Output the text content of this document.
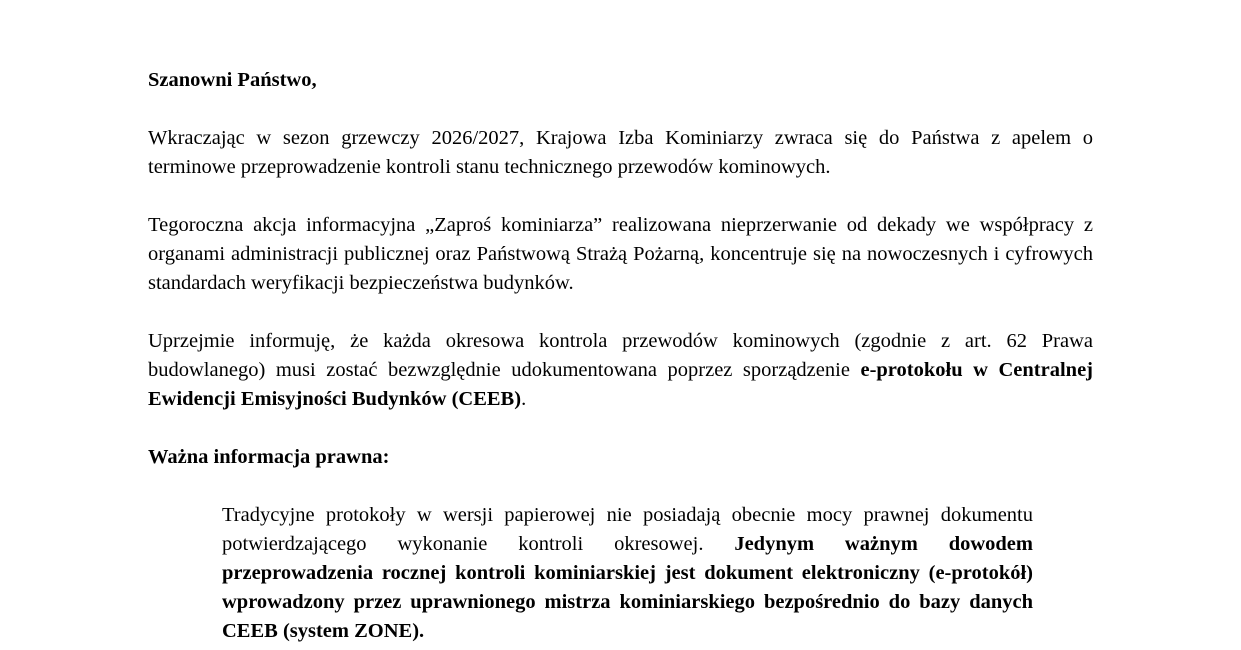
Szanowni Państwo,

Wkraczając w sezon grzewczy 2026/2027, Krajowa Izba Kominiarzy zwraca się do Państwa z apelem o terminowe przeprowadzenie kontroli stanu technicznego przewodów kominowych.

Tegoroczna akcja informacyjna „Zaproś kominiarza” realizowana nieprzerwanie od dekady we współpracy z organami administracji publicznej oraz Państwową Strażą Pożarną, koncentruje się na nowoczesnych i cyfrowych standardach weryfikacji bezpieczeństwa budynków.

Uprzejmie informuję, że każda okresowa kontrola przewodów kominowych (zgodnie z art. 62 Prawa budowlanego) musi zostać bezwzględnie udokumentowana poprzez sporządzenie e-protokołu w Centralnej Ewidencji Emisyjności Budynków (CEEB).

Ważna informacja prawna:

Tradycyjne protokoły w wersji papierowej nie posiadają obecnie mocy prawnej dokumentu potwierdzającego wykonanie kontroli okresowej. Jedynym ważnym dowodem przeprowadzenia rocznej kontroli kominiarskiej jest dokument elektroniczny (e-protokół) wprowadzony przez uprawnionego mistrza kominiarskiego bezpośrednio do bazy danych CEEB (system ZONE).
